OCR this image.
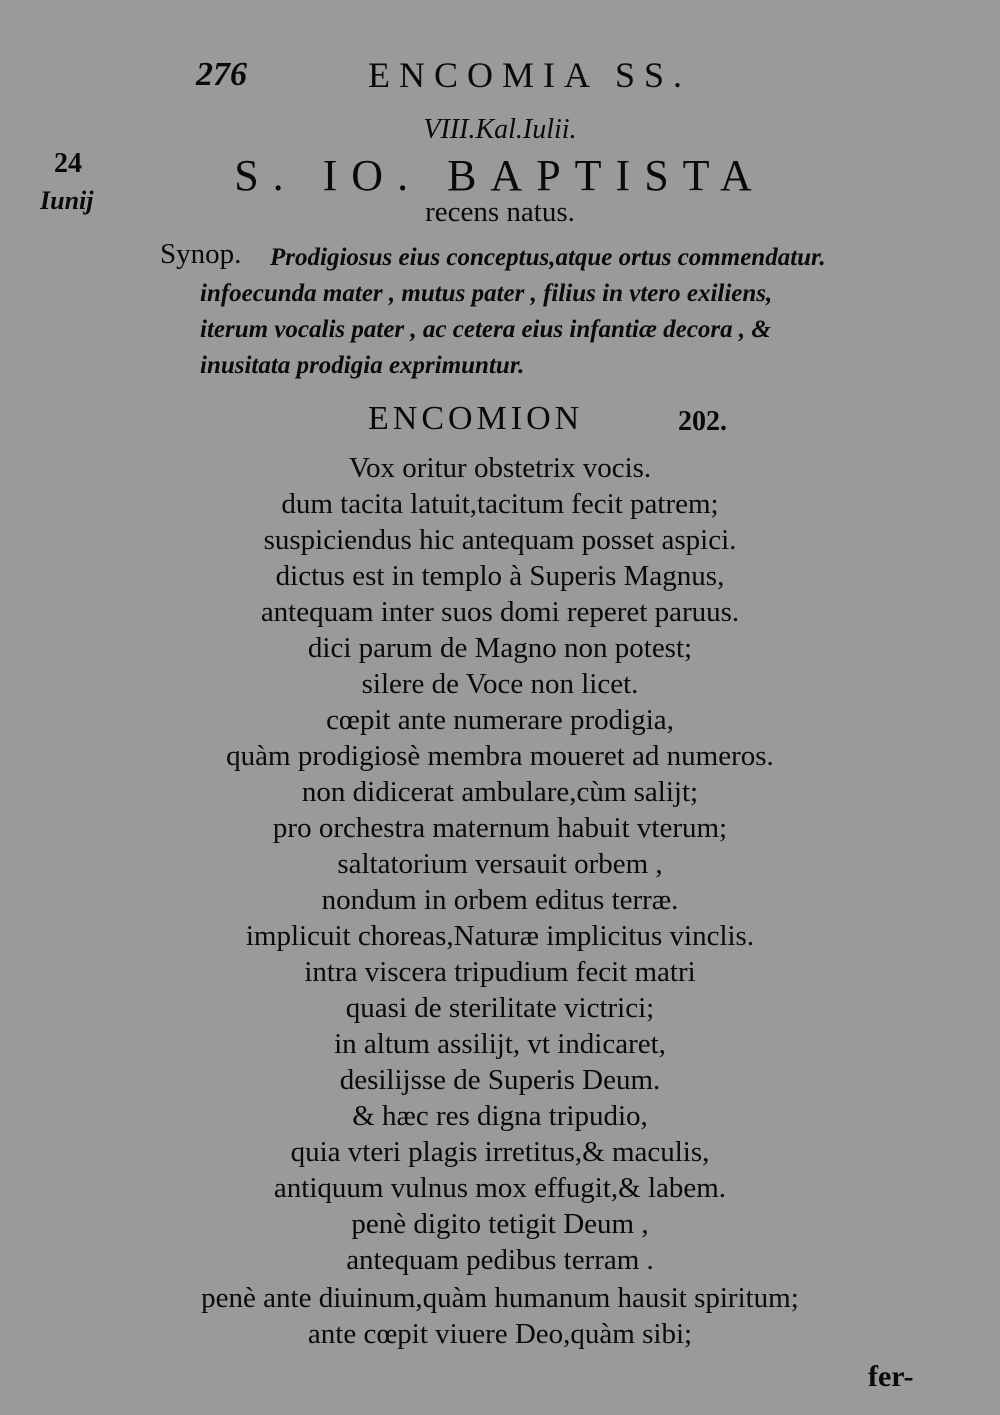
276	ENCOMIA SS.
VIII.Kal.Iulii.
24
Iunij
S. IO. BAPTISTA
recens natus.
Synop. Prodigiosus eius conceptus,atque ortus commendatur.
infoecunda mater , mutus pater , filius in vtero exiliens,
iterum vocalis pater , ac cetera eius infantiæ decora , &
inusitata prodigia exprimuntur.
ENCOMION	202.
Vox oritur obstetrix vocis.
dum tacita latuit,tacitum fecit patrem;
suspiciendus hic antequam posset aspici.
dictus est in templo à Superis Magnus,
antequam inter suos domi reperet paruus.
dici parum de Magno non potest;
silere de Voce non licet.
cœpit ante numerare prodigia,
quàm prodigiosè membra moueret ad numeros.
non didicerat ambulare,cùm salijt;
pro orchestra maternum habuit vterum;
saltatorium versauit orbem ,
nondum in orbem editus terræ.
implicuit choreas,Naturæ implicitus vinclis.
intra viscera tripudium fecit matri
quasi de sterilitate victrici;
in altum assilijt, vt indicaret,
desilijsse de Superis Deum.
& hæc res digna tripudio,
quia vteri plagis irretitus,& maculis,
antiquum vulnus mox effugit,& labem.
penè digito tetigit Deum ,
antequam pedibus terram .
penè ante diuinum,quàm humanum hausit spiritum;
ante cœpit viuere Deo,quàm sibi;
fer-
